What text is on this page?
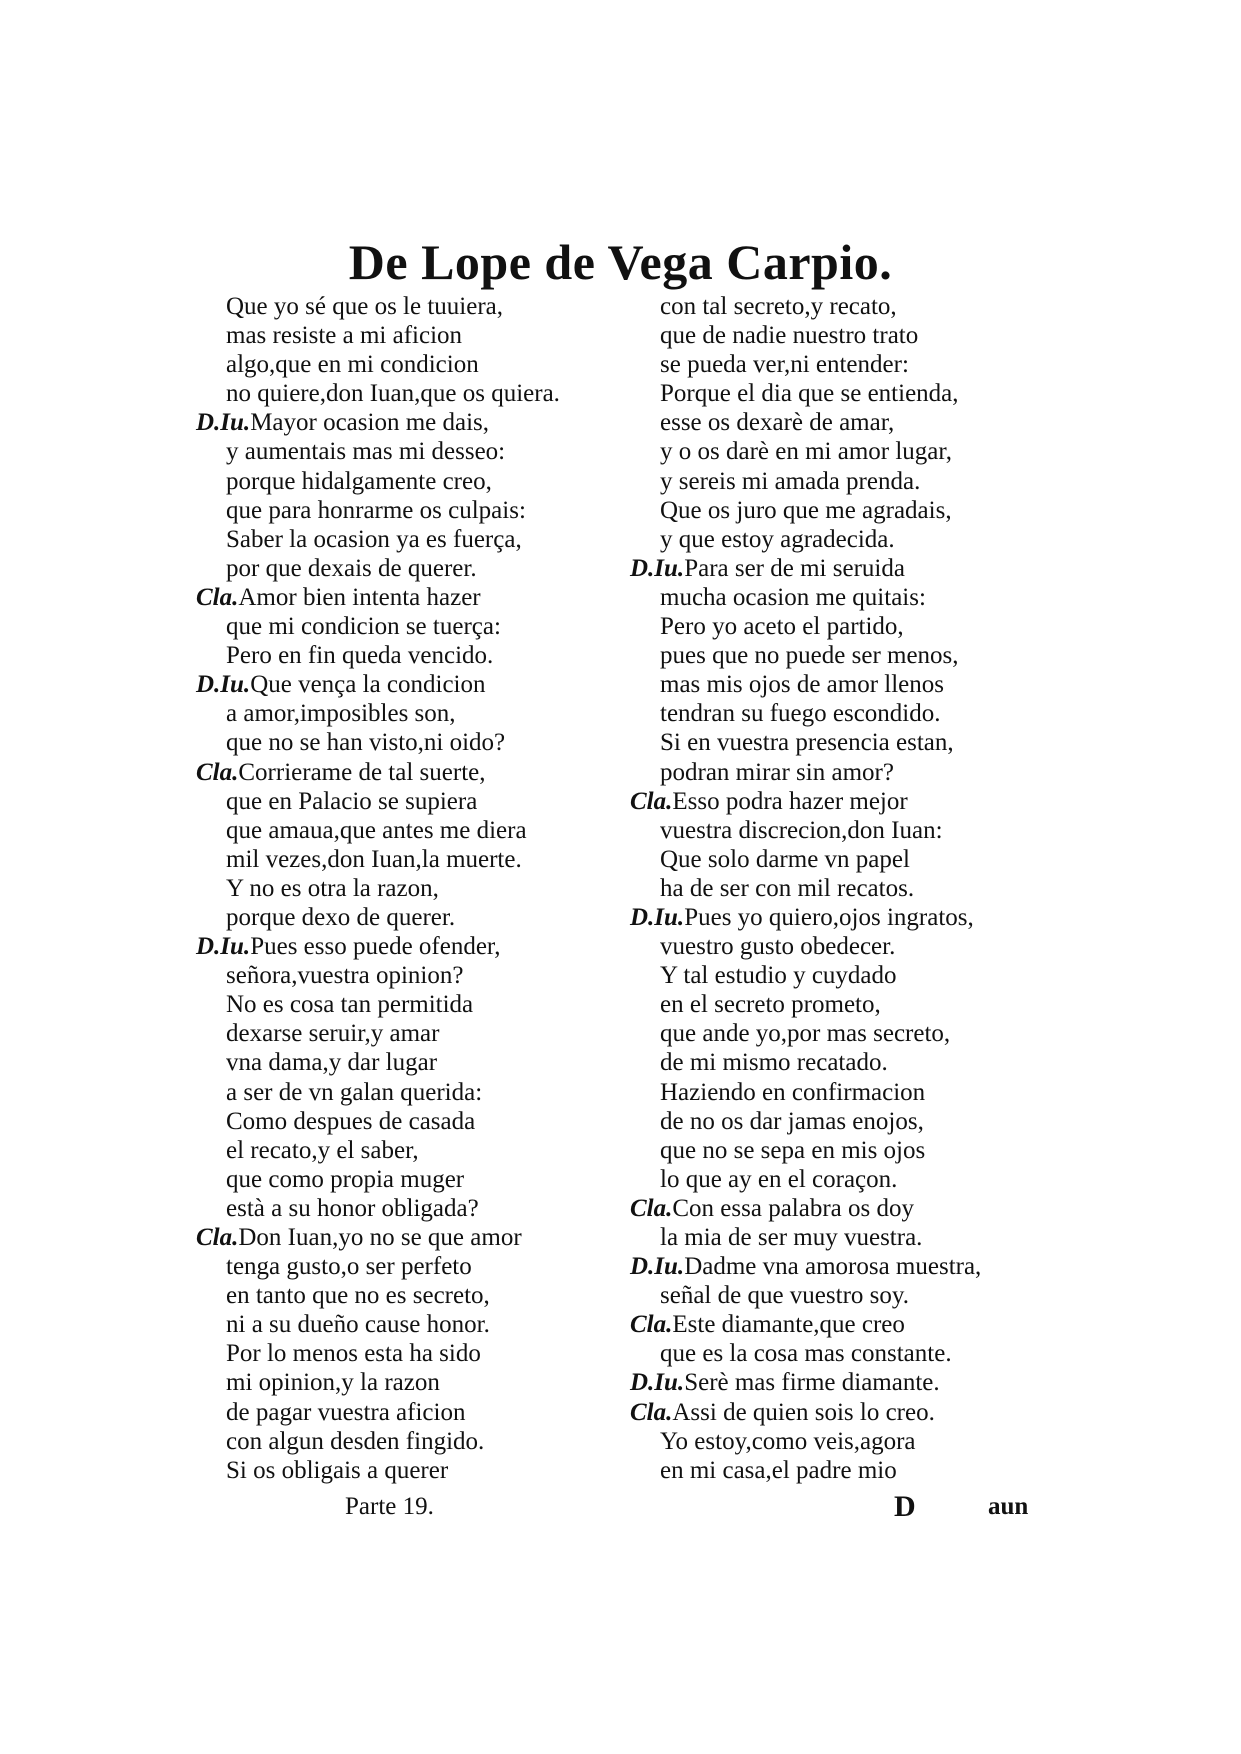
De Lope de Vega Carpio.
Que yo sé que os le tuuiera,
mas resiste a mi aficion
algo,que en mi condicion
no quiere,don Iuan,que os quiera.
D.Iu.Mayor ocasion me dais,
y aumentais mas mi desseo:
porque hidalgamente creo,
que para honrarme os culpais:
Saber la ocasion ya es fuerça,
por que dexais de querer.
Cla.Amor bien intenta hazer
que mi condicion se tuerça:
Pero en fin queda vencido.
D.Iu.Que vença la condicion
a amor,imposibles son,
que no se han visto,ni oido?
Cla.Corrierame de tal suerte,
que en Palacio se supiera
que amaua,que antes me diera
mil vezes,don Iuan,la muerte.
Y no es otra la razon,
porque dexo de querer.
D.Iu.Pues esso puede ofender,
señora,vuestra opinion?
No es cosa tan permitida
dexarse seruir,y amar
vna dama,y dar lugar
a ser de vn galan querida:
Como despues de casada
el recato,y el saber,
que como propia muger
està a su honor obligada?
Cla.Don Iuan,yo no se que amor
tenga gusto,o ser perfeto
en tanto que no es secreto,
ni a su dueño cause honor.
Por lo menos esta ha sido
mi opinion,y la razon
de pagar vuestra aficion
con algun desden fingido.
Si os obligais a querer
con tal secreto,y recato,
que de nadie nuestro trato
se pueda ver,ni entender:
Porque el dia que se entienda,
esse os dexarè de amar,
y o os darè en mi amor lugar,
y sereis mi amada prenda.
Que os juro que me agradais,
y que estoy agradecida.
D.Iu.Para ser de mi seruida
mucha ocasion me quitais:
Pero yo aceto el partido,
pues que no puede ser menos,
mas mis ojos de amor llenos
tendran su fuego escondido.
Si en vuestra presencia estan,
podran mirar sin amor?
Cla.Esso podra hazer mejor
vuestra discrecion,don Iuan:
Que solo darme vn papel
ha de ser con mil recatos.
D.Iu.Pues yo quiero,ojos ingratos,
vuestro gusto obedecer.
Y tal estudio y cuydado
en el secreto prometo,
que ande yo,por mas secreto,
de mi mismo recatado.
Haziendo en confirmacion
de no os dar jamas enojos,
que no se sepa en mis ojos
lo que ay en el coraçon.
Cla.Con essa palabra os doy
la mia de ser muy vuestra.
D.Iu.Dadme vna amorosa muestra,
señal de que vuestro soy.
Cla.Este diamante,que creo
que es la cosa mas constante.
D.Iu.Serè mas firme diamante.
Cla.Assi de quien sois lo creo.
Yo estoy,como veis,agora
en mi casa,el padre mio
Parte 19.	D	aun
